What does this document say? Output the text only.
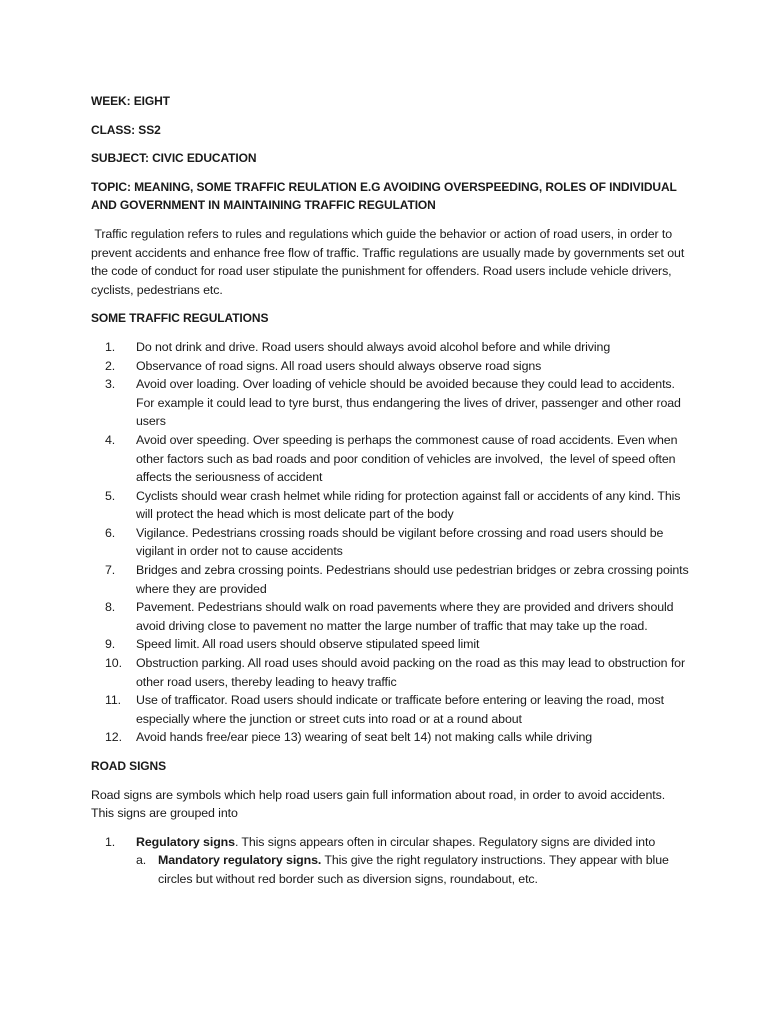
WEEK: EIGHT
CLASS: SS2
SUBJECT: CIVIC EDUCATION
TOPIC: MEANING, SOME TRAFFIC REULATION E.G AVOIDING OVERSPEEDING, ROLES OF INDIVIDUAL AND GOVERNMENT IN MAINTAINING TRAFFIC REGULATION
Traffic regulation refers to rules and regulations which guide the behavior or action of road users, in order to prevent accidents and enhance free flow of traffic. Traffic regulations are usually made by governments set out the code of conduct for road user stipulate the punishment for offenders. Road users include vehicle drivers, cyclists, pedestrians etc.
SOME TRAFFIC REGULATIONS
1.	Do not drink and drive. Road users should always avoid alcohol before and while driving
2.	Observance of road signs. All road users should always observe road signs
3.	Avoid over loading. Over loading of vehicle should be avoided because they could lead to accidents. For example it could lead to tyre burst, thus endangering the lives of driver, passenger and other road users
4.	Avoid over speeding. Over speeding is perhaps the commonest cause of road accidents. Even when other factors such as bad roads and poor condition of vehicles are involved,  the level of speed often affects the seriousness of accident
5.	Cyclists should wear crash helmet while riding for protection against fall or accidents of any kind. This will protect the head which is most delicate part of the body
6.	Vigilance. Pedestrians crossing roads should be vigilant before crossing and road users should be vigilant in order not to cause accidents
7.	Bridges and zebra crossing points. Pedestrians should use pedestrian bridges or zebra crossing points where they are provided
8.	Pavement. Pedestrians should walk on road pavements where they are provided and drivers should avoid driving close to pavement no matter the large number of traffic that may take up the road.
9.	Speed limit. All road users should observe stipulated speed limit
10.	Obstruction parking. All road uses should avoid packing on the road as this may lead to obstruction for other road users, thereby leading to heavy traffic
11.	Use of trafficator. Road users should indicate or trafficate before entering or leaving the road, most especially where the junction or street cuts into road or at a round about
12.	Avoid hands free/ear piece 13) wearing of seat belt 14) not making calls while driving
ROAD SIGNS
Road signs are symbols which help road users gain full information about road, in order to avoid accidents. This signs are grouped into
1.	Regulatory signs. This signs appears often in circular shapes. Regulatory signs are divided into
a. Mandatory regulatory signs. This give the right regulatory instructions. They appear with blue circles but without red border such as diversion signs, roundabout, etc.
